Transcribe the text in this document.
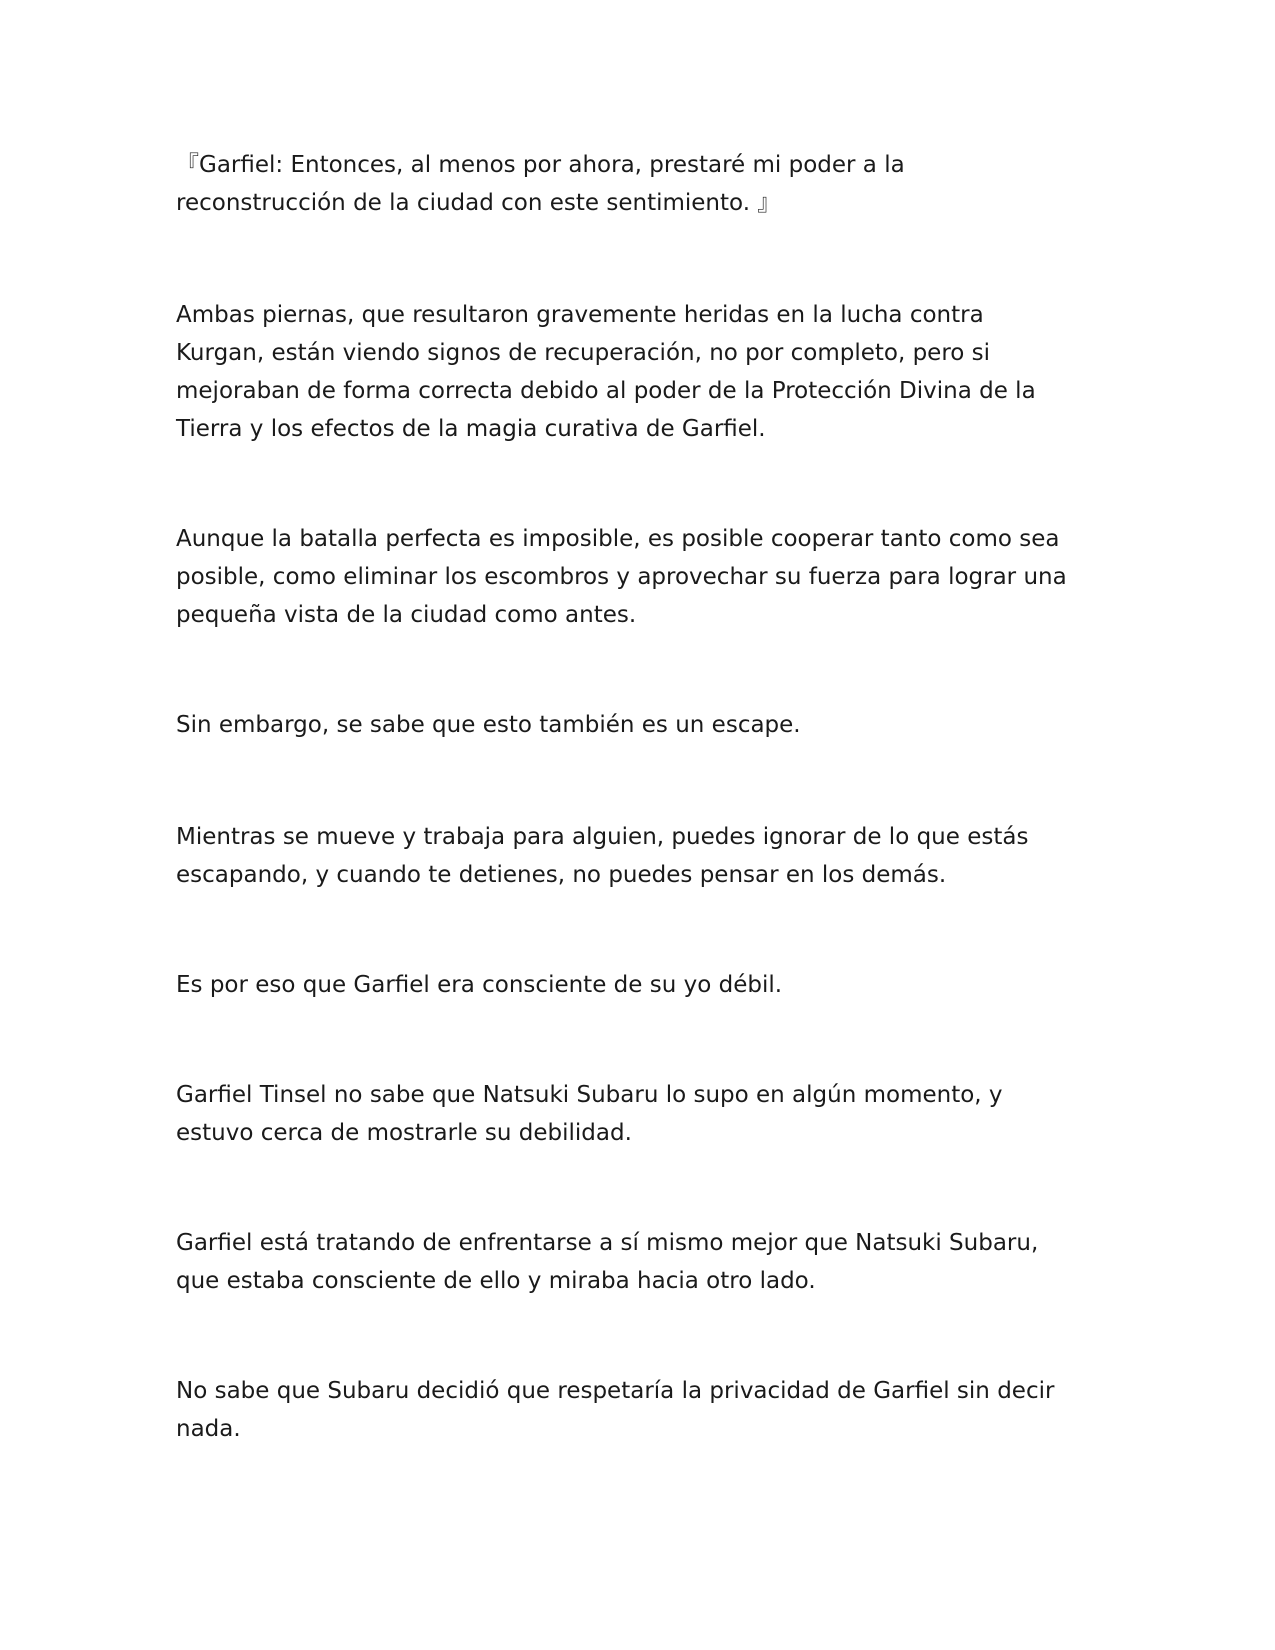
『Garfiel: Entonces, al menos por ahora, prestaré mi poder a la
reconstrucción de la ciudad con este sentimiento. 』

Ambas piernas, que resultaron gravemente heridas en la lucha contra
Kurgan, están viendo signos de recuperación, no por completo, pero si
mejoraban de forma correcta debido al poder de la Protección Divina de la
Tierra y los efectos de la magia curativa de Garfiel.

Aunque la batalla perfecta es imposible, es posible cooperar tanto como sea
posible, como eliminar los escombros y aprovechar su fuerza para lograr una
pequeña vista de la ciudad como antes.

Sin embargo, se sabe que esto también es un escape.

Mientras se mueve y trabaja para alguien, puedes ignorar de lo que estás
escapando, y cuando te detienes, no puedes pensar en los demás.

Es por eso que Garfiel era consciente de su yo débil.

Garfiel Tinsel no sabe que Natsuki Subaru lo supo en algún momento, y
estuvo cerca de mostrarle su debilidad.

Garfiel está tratando de enfrentarse a sí mismo mejor que Natsuki Subaru,
que estaba consciente de ello y miraba hacia otro lado.

No sabe que Subaru decidió que respetaría la privacidad de Garfiel sin decir
nada.
